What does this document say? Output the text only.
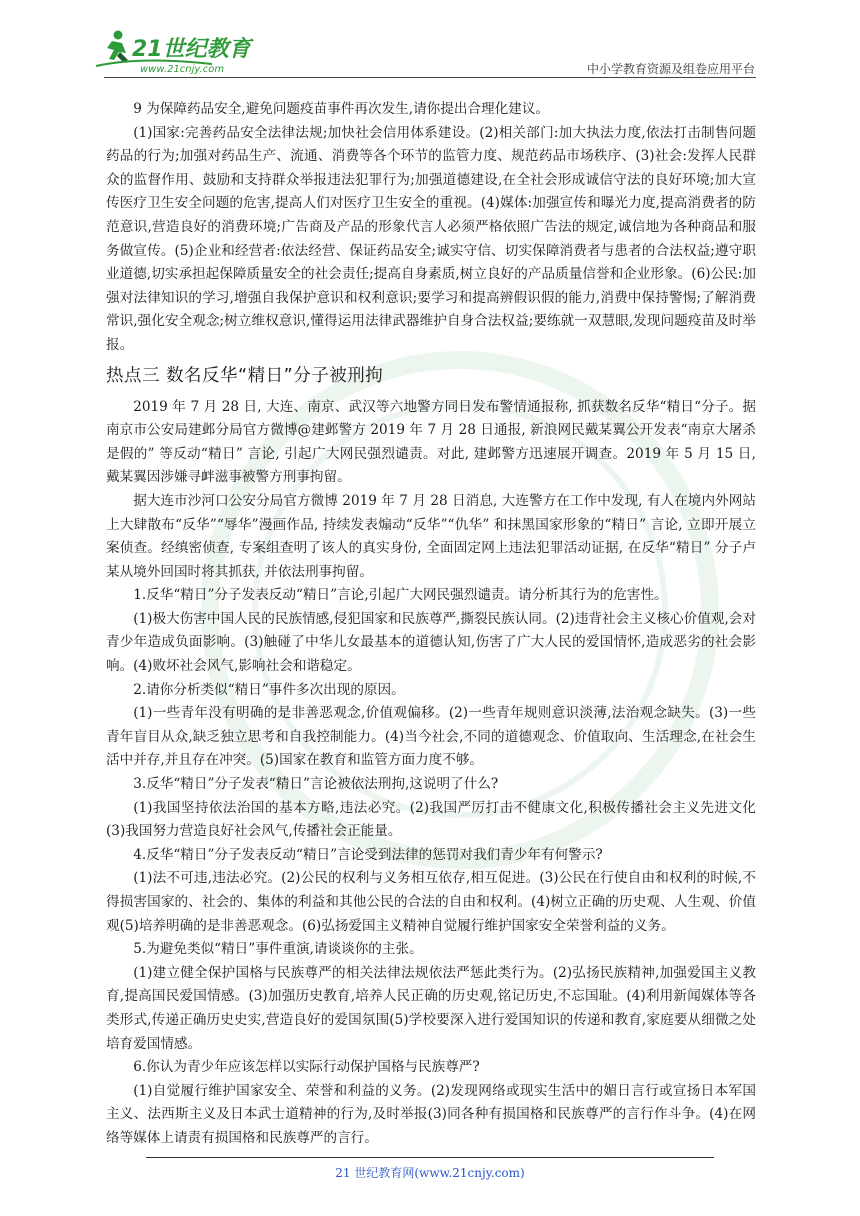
21世纪教育
www.21cnjy.com	中小学教育资源及组卷应用平台

9 为保障药品安全,避免问题疫苗事件再次发生,请你提出合理化建议。

(1)国家:完善药品安全法律法规;加快社会信用体系建设。(2)相关部门:加大执法力度,依法打击制售问题药品的行为;加强对药品生产、流通、消费等各个环节的监管力度、规范药品市场秩序、(3)社会:发挥人民群众的监督作用、鼓励和支持群众举报违法犯罪行为;加强道德建设,在全社会形成诚信守法的良好环境;加大宣传医疗卫生安全问题的危害,提高人们对医疗卫生安全的重视。(4)媒体:加强宣传和曝光力度,提高消费者的防范意识,营造良好的消费环境;广告商及产品的形象代言人必须严格依照广告法的规定,诚信地为各种商品和服务做宣传。(5)企业和经营者:依法经营、保证药品安全;诚实守信、切实保障消费者与患者的合法权益;遵守职业道德,切实承担起保障质量安全的社会责任;提高自身素质,树立良好的产品质量信誉和企业形象。(6)公民:加强对法律知识的学习,增强自我保护意识和权利意识;要学习和提高辨假识假的能力,消费中保持警惕;了解消费常识,强化安全观念;树立维权意识,懂得运用法律武器维护自身合法权益;要练就一双慧眼,发现问题疫苗及时举报。

热点三 数名反华“精日”分子被刑拘

2019 年 7 月 28 日, 大连、南京、武汉等六地警方同日发布警情通报称, 抓获数名反华“精日“分子。据南京市公安局建邺分局官方微博@建邺警方 2019 年 7 月 28 日通报, 新浪网民戴某翼公开发表“南京大屠杀是假的” 等反动“精日” 言论, 引起广大网民强烈谴责。对此, 建邺警方迅速展开调查。2019 年 5 月 15 日, 戴某翼因涉嫌寻衅滋事被警方刑事拘留。

据大连市沙河口公安分局官方微博 2019 年 7 月 28 日消息, 大连警方在工作中发现, 有人在境内外网站上大肆散布“反华”“辱华”漫画作品, 持续发表煽动“反华”“仇华” 和抹黑国家形象的“精日” 言论, 立即开展立案侦查。经缜密侦查, 专案组查明了该人的真实身份, 全面固定网上违法犯罪活动证据, 在反华“精日” 分子卢某从境外回国时将其抓获, 并依法刑事拘留。

1.反华“精日”分子发表反动“精日”言论,引起广大网民强烈谴责。请分析其行为的危害性。

(1)极大伤害中国人民的民族情感,侵犯国家和民族尊严,撕裂民族认同。(2)违背社会主义核心价值观,会对青少年造成负面影响。(3)触碰了中华儿女最基本的道德认知,伤害了广大人民的爱国情怀,造成恶劣的社会影响。(4)败坏社会风气,影响社会和谐稳定。

2.请你分析类似“精日”事件多次出现的原因。

(1)一些青年没有明确的是非善恶观念,价值观偏移。(2)一些青年规则意识淡薄,法治观念缺失。(3)一些青年盲目从众,缺乏独立思考和自我控制能力。(4)当今社会,不同的道德观念、价值取向、生活理念,在社会生活中并存,并且存在冲突。(5)国家在教育和监管方面力度不够。

3.反华“精日”分子发表“精日”言论被依法刑拘,这说明了什么?

(1)我国坚持依法治国的基本方略,违法必究。(2)我国严厉打击不健康文化,积极传播社会主义先进文化(3)我国努力营造良好社会风气,传播社会正能量。

4.反华“精日”分子发表反动“精日”言论受到法律的惩罚对我们青少年有何警示?

(1)法不可违,违法必究。(2)公民的权利与义务相互依存,相互促进。(3)公民在行使自由和权利的时候,不得损害国家的、社会的、集体的利益和其他公民的合法的自由和权利。(4)树立正确的历史观、人生观、价值观(5)培养明确的是非善恶观念。(6)弘扬爱国主义精神自觉履行维护国家安全荣誉利益的义务。

5.为避免类似“精日”事件重演,请谈谈你的主张。

(1)建立健全保护国格与民族尊严的相关法律法规依法严惩此类行为。(2)弘扬民族精神,加强爱国主义教育,提高国民爱国情感。(3)加强历史教育,培养人民正确的历史观,铭记历史,不忘国耻。(4)利用新闻媒体等各类形式,传递正确历史史实,营造良好的爱国氛围(5)学校要深入进行爱国知识的传递和教育,家庭要从细微之处培育爱国情感。

6.你认为青少年应该怎样以实际行动保护国格与民族尊严?

(1)自觉履行维护国家安全、荣誉和利益的义务。(2)发现网络或现实生活中的媚日言行或宣扬日本军国主义、法西斯主义及日本武士道精神的行为,及时举报(3)同各种有损国格和民族尊严的言行作斗争。(4)在网络等媒体上请责有损国格和民族尊严的言行。

21 世纪教育网(www.21cnjy.com)
